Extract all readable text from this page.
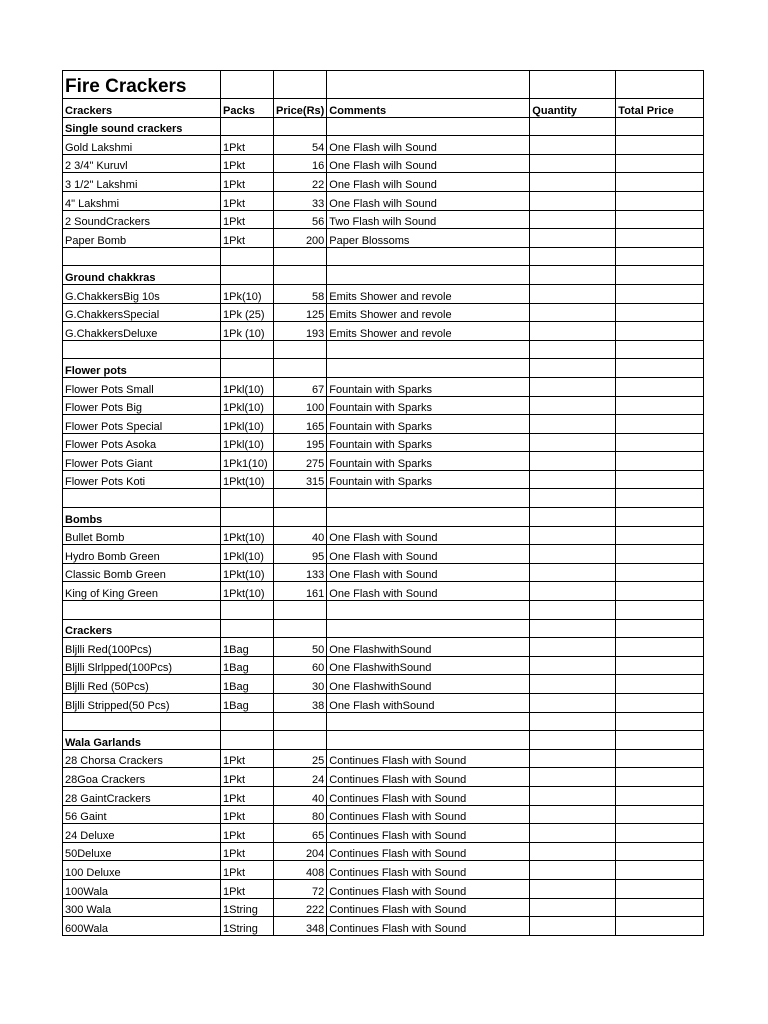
Fire Crackers					
Crackers	Packs	Price(Rs)	Comments	Quantity	Total Price
Single sound crackers					
Gold Lakshmi	1Pkt	54	One Flash wilh Sound		
2 3/4" Kuruvl	1Pkt	16	One Flash wilh Sound		
3 1/2" Lakshmi	1Pkt	22	One Flash wilh Sound		
4" Lakshmi	1Pkt	33	One Flash wilh Sound		
2 SoundCrackers	1Pkt	56	Two Flash wilh Sound		
Paper Bomb	1Pkt	200	Paper Blossoms		

Ground chakkras					
G.ChakkersBig 10s	1Pk(10)	58	Emits Shower and revole		
G.ChakkersSpecial	1Pk (25)	125	Emits Shower and revole		
G.ChakkersDeluxe	1Pk (10)	193	Emits Shower and revole		

Flower pots					
Flower Pots Small	1Pkl(10)	67	Fountain with Sparks		
Flower Pots Big	1Pkl(10)	100	Fountain with Sparks		
Flower Pots Special	1Pkl(10)	165	Fountain with Sparks		
Flower Pots Asoka	1Pkl(10)	195	Fountain with Sparks		
Flower Pots Giant	1Pk1(10)	275	Fountain with Sparks		
Flower Pots Koti	1Pkt(10)	315	Fountain with Sparks		

Bombs					
Bullet Bomb	1Pkt(10)	40	One Flash with Sound		
Hydro Bomb Green	1Pkl(10)	95	One Flash with Sound		
Classic Bomb Green	1Pkt(10)	133	One Flash with Sound		
King of King Green	1Pkt(10)	161	One Flash with Sound		

Crackers					
Bljlli Red(100Pcs)	1Bag	50	One FlashwithSound		
Bljlli Slrlpped(100Pcs)	1Bag	60	One FlashwithSound		
Bljlli Red (50Pcs)	1Bag	30	One FlashwithSound		
Bljlli Stripped(50 Pcs)	1Bag	38	One Flash withSound		

Wala Garlands					
28 Chorsa Crackers	1Pkt	25	Continues Flash with Sound		
28Goa Crackers	1Pkt	24	Continues Flash with Sound		
28 GaintCrackers	1Pkt	40	Continues Flash with Sound		
56 Gaint	1Pkt	80	Continues Flash with Sound		
24 Deluxe	1Pkt	65	Continues Flash with Sound		
50Deluxe	1Pkt	204	Continues Flash with Sound		
100 Deluxe	1Pkt	408	Continues Flash with Sound		
100Wala	1Pkt	72	Continues Flash with Sound		
300 Wala	1String	222	Continues Flash with Sound		
600Wala	1String	348	Continues Flash with Sound		
